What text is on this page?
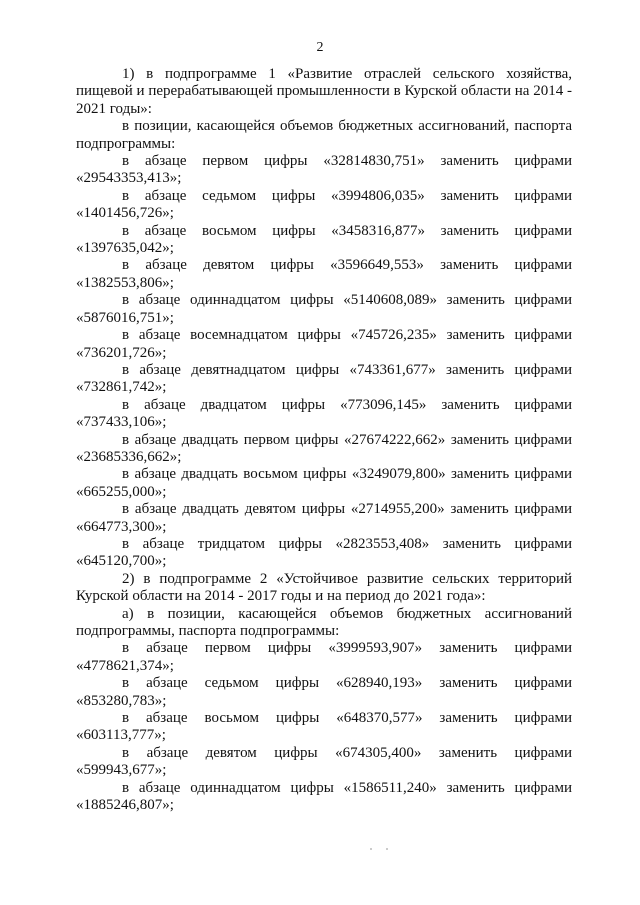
2

1) в подпрограмме 1 «Развитие отраслей сельского хозяйства, пищевой и перерабатывающей промышленности в Курской области на 2014 - 2021 годы»:

в позиции, касающейся объемов бюджетных ассигнований, паспорта подпрограммы:

в абзаце первом цифры «32814830,751» заменить цифрами «29543353,413»;

в абзаце седьмом цифры «3994806,035» заменить цифрами «1401456,726»;

в абзаце восьмом цифры «3458316,877» заменить цифрами «1397635,042»;

в абзаце девятом цифры «3596649,553» заменить цифрами «1382553,806»;

в абзаце одиннадцатом цифры «5140608,089» заменить цифрами «5876016,751»;

в абзаце восемнадцатом цифры «745726,235» заменить цифрами «736201,726»;

в абзаце девятнадцатом цифры «743361,677» заменить цифрами «732861,742»;

в абзаце двадцатом цифры «773096,145» заменить цифрами «737433,106»;

в абзаце двадцать первом цифры «27674222,662» заменить цифрами «23685336,662»;

в абзаце двадцать восьмом цифры «3249079,800» заменить цифрами «665255,000»;

в абзаце двадцать девятом цифры «2714955,200» заменить цифрами «664773,300»;

в абзаце тридцатом цифры «2823553,408» заменить цифрами «645120,700»;

2) в подпрограмме 2 «Устойчивое развитие сельских территорий Курской области на 2014 - 2017 годы и на период до 2021 года»:

а) в позиции, касающейся объемов бюджетных ассигнований подпрограммы, паспорта подпрограммы:

в абзаце первом цифры «3999593,907» заменить цифрами «4778621,374»;

в абзаце седьмом цифры «628940,193» заменить цифрами «853280,783»;

в абзаце восьмом цифры «648370,577» заменить цифрами «603113,777»;

в абзаце девятом цифры «674305,400» заменить цифрами «599943,677»;

в абзаце одиннадцатом цифры «1586511,240» заменить цифрами «1885246,807»;
